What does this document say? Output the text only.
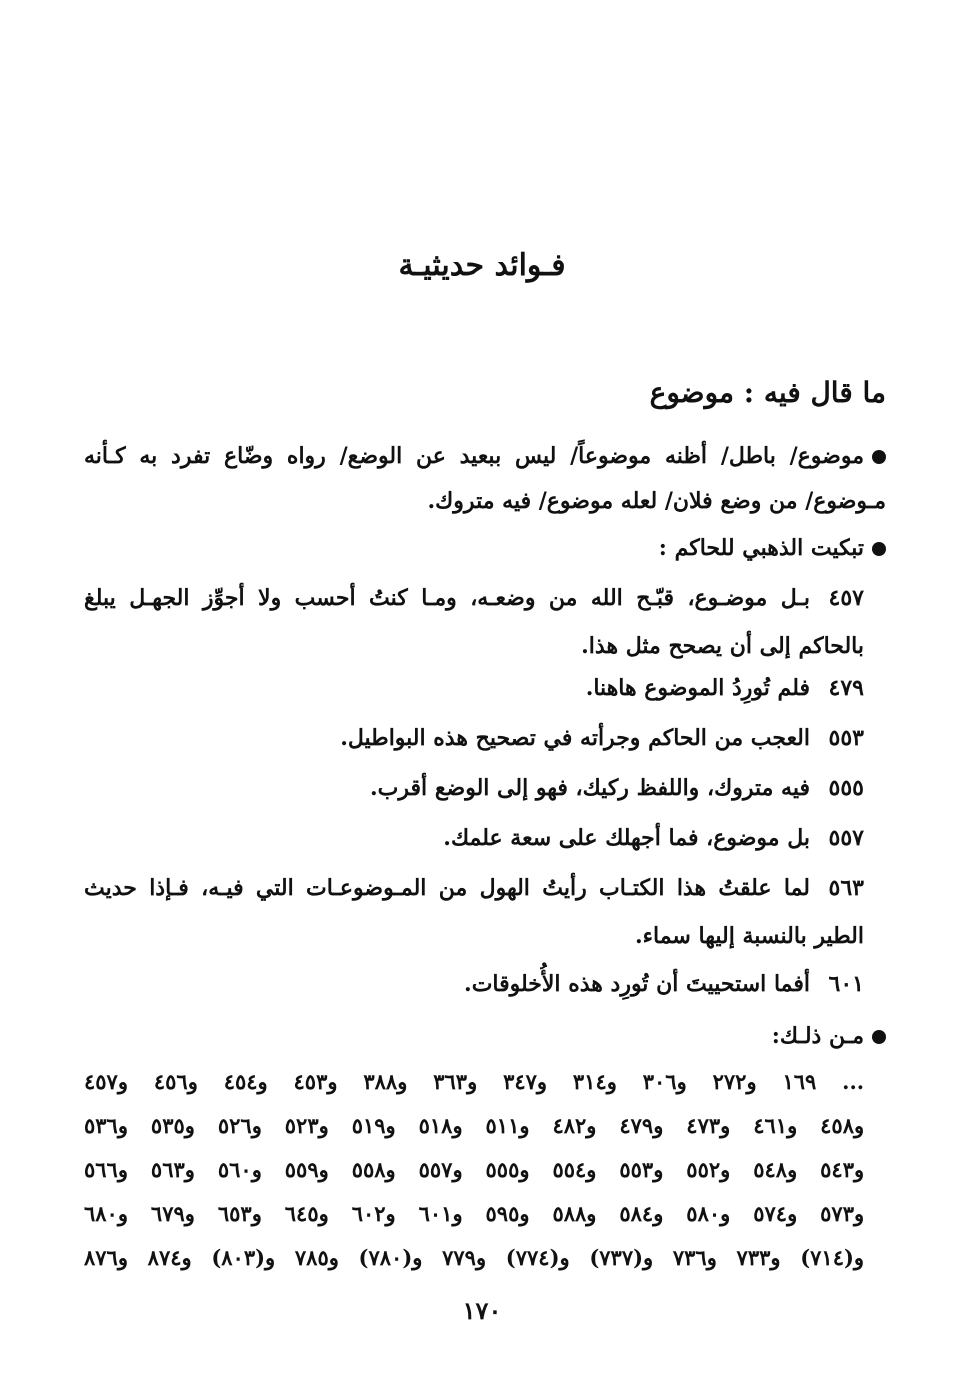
فـوائد حديثيـة
ما قال فيه : موضوع
موضوع/ باطل/ أظنه موضوعاً/ ليس ببعيد عن الوضع/ رواه وضّاع تفرد به كـأنه مـوضوع/ من وضع فلان/ لعله موضوع/ فيه متروك.
تبكيت الذهبي للحاكم :
٤٥٧بـل موضـوع، قبّـح الله من وضعـه، ومـا كنتُ أحسب ولا أجوِّز الجهـل يبلغ بالحاكم إلى أن يصحح مثل هذا.
٤٧٩فلم تُورِدُ الموضوع هاهنا.
٥٥٣العجب من الحاكم وجرأته في تصحيح هذه البواطيل.
٥٥٥فيه متروك، واللفظ ركيك، فهو إلى الوضع أقرب.
٥٥٧بل موضوع، فما أجهلك على سعة علمك.
٥٦٣لما علقتُ هذا الكتـاب رأيتُ الهول من المـوضوعـات التي فيـه، فـإذا حديث الطير بالنسبة إليها سماء.
٦٠١أفما استحييتَ أن تُورِد هذه الأُخلوقات.
مـن ذلـك:
... ١٦٩ و٢٧٢ و٣٠٦ و٣١٤ و٣٤٧ و٣٦٣ و٣٨٨ و٤٥٣ و٤٥٤ و٤٥٦ و٤٥٧
و٤٥٨ و٤٦١ و٤٧٣ و٤٧٩ و٤٨٢ و٥١١ و٥١٨ و٥١٩ و٥٢٣ و٥٢٦ و٥٣٥ و٥٣٦
و٥٤٣ و٥٤٨ و٥٥٢ و٥٥٣ و٥٥٤ و٥٥٥ و٥٥٧ و٥٥٨ و٥٥٩ و٥٦٠ و٥٦٣ و٥٦٦
و٥٧٣ و٥٧٤ و٥٨٠ و٥٨٤ و٥٨٨ و٥٩٥ و٦٠١ و٦٠٢ و٦٤٥ و٦٥٣ و٦٧٩ و٦٨٠
و(٧١٤) و٧٣٣ و٧٣٦ و(٧٣٧) و(٧٧٤) و٧٧٩ و(٧٨٠) و٧٨٥ و(٨٠٣) و٨٧٤ و٨٧٦
١٧٠
